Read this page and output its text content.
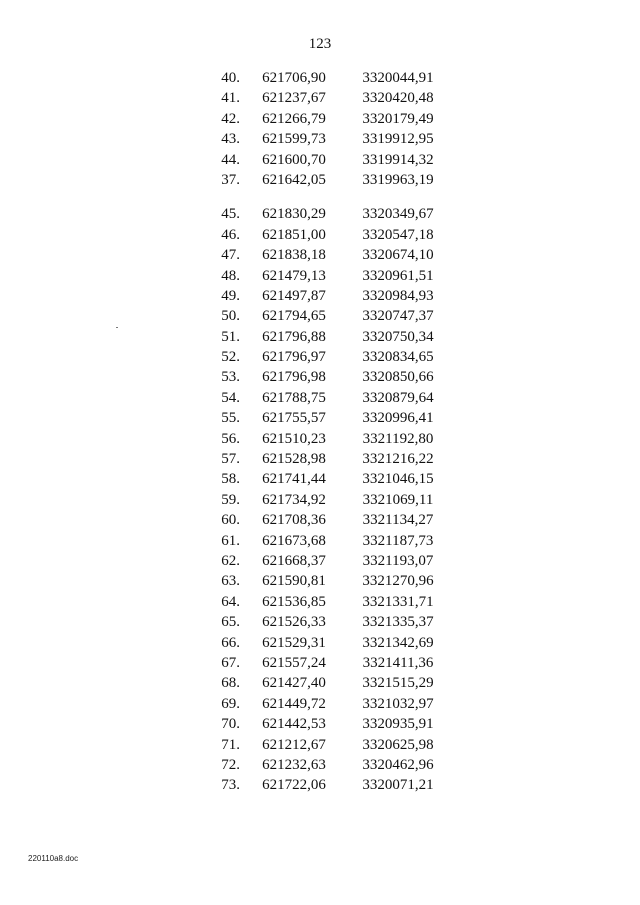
123
40.	621706,90	3320044,91
41.	621237,67	3320420,48
42.	621266,79	3320179,49
43.	621599,73	3319912,95
44.	621600,70	3319914,32
37.	621642,05	3319963,19
45.	621830,29	3320349,67
46.	621851,00	3320547,18
47.	621838,18	3320674,10
48.	621479,13	3320961,51
49.	621497,87	3320984,93
50.	621794,65	3320747,37
51.	621796,88	3320750,34
52.	621796,97	3320834,65
53.	621796,98	3320850,66
54.	621788,75	3320879,64
55.	621755,57	3320996,41
56.	621510,23	3321192,80
57.	621528,98	3321216,22
58.	621741,44	3321046,15
59.	621734,92	3321069,11
60.	621708,36	3321134,27
61.	621673,68	3321187,73
62.	621668,37	3321193,07
63.	621590,81	3321270,96
64.	621536,85	3321331,71
65.	621526,33	3321335,37
66.	621529,31	3321342,69
67.	621557,24	3321411,36
68.	621427,40	3321515,29
69.	621449,72	3321032,97
70.	621442,53	3320935,91
71.	621212,67	3320625,98
72.	621232,63	3320462,96
73.	621722,06	3320071,21
220110a8.doc
